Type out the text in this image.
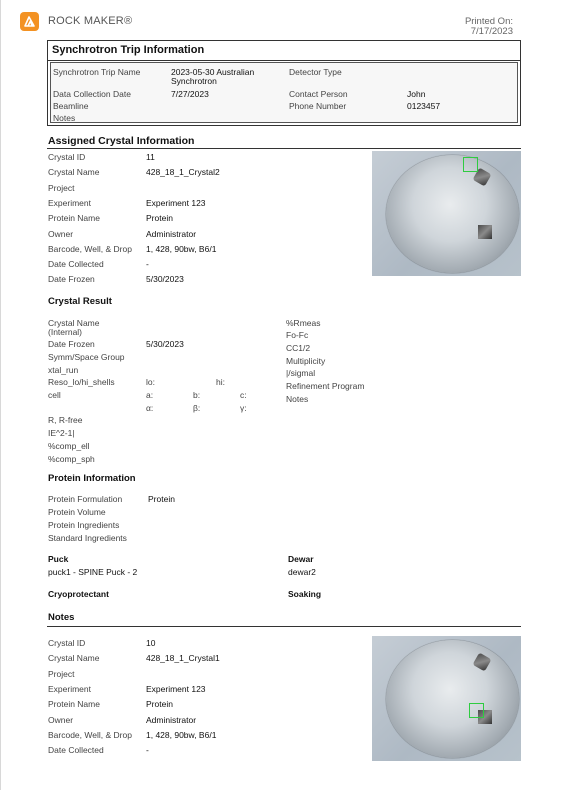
ROCK MAKER®	Printed On:
7/17/2023
Synchrotron Trip Information
Synchrotron Trip Name	2023-05-30 Australian
Synchrotron
Detector Type
Data Collection Date	7/27/2023	Contact Person	John
Beamline	Phone Number	0123457
Notes
Assigned Crystal Information
Crystal ID	11
Crystal Name	428_18_1_Crystal2
Project
Experiment	Experiment 123
Protein Name	Protein
Owner	Administrator
Barcode, Well, & Drop 1, 428, 90bw, B6/1
Date Collected	-
Date Frozen	5/30/2023
Crystal Result
Crystal Name
(Internal)
Date Frozen	5/30/2023
Symm/Space Group
xtal_run
Reso_lo/hi_shells	lo:	hi:
cell	a:	b:	c:
α:	β:	γ:
R, R-free
IE^2-1|
%comp_ell
%comp_sph
%Rmeas
Fo-Fc
CC1/2
Multiplicity
|/sigmal
Refinement Program
Notes
Protein Information
Protein Formulation	Protein
Protein Volume
Protein Ingredients
Standard Ingredients
Puck
puck1 - SPINE Puck - 2
Dewar
dewar2
Cryoprotectant	Soaking
Notes
Crystal ID	10
Crystal Name	428_18_1_Crystal1
Project
Experiment	Experiment 123
Protein Name	Protein
Owner	Administrator
Barcode, Well, & Drop 1, 428, 90bw, B6/1
Date Collected	-
